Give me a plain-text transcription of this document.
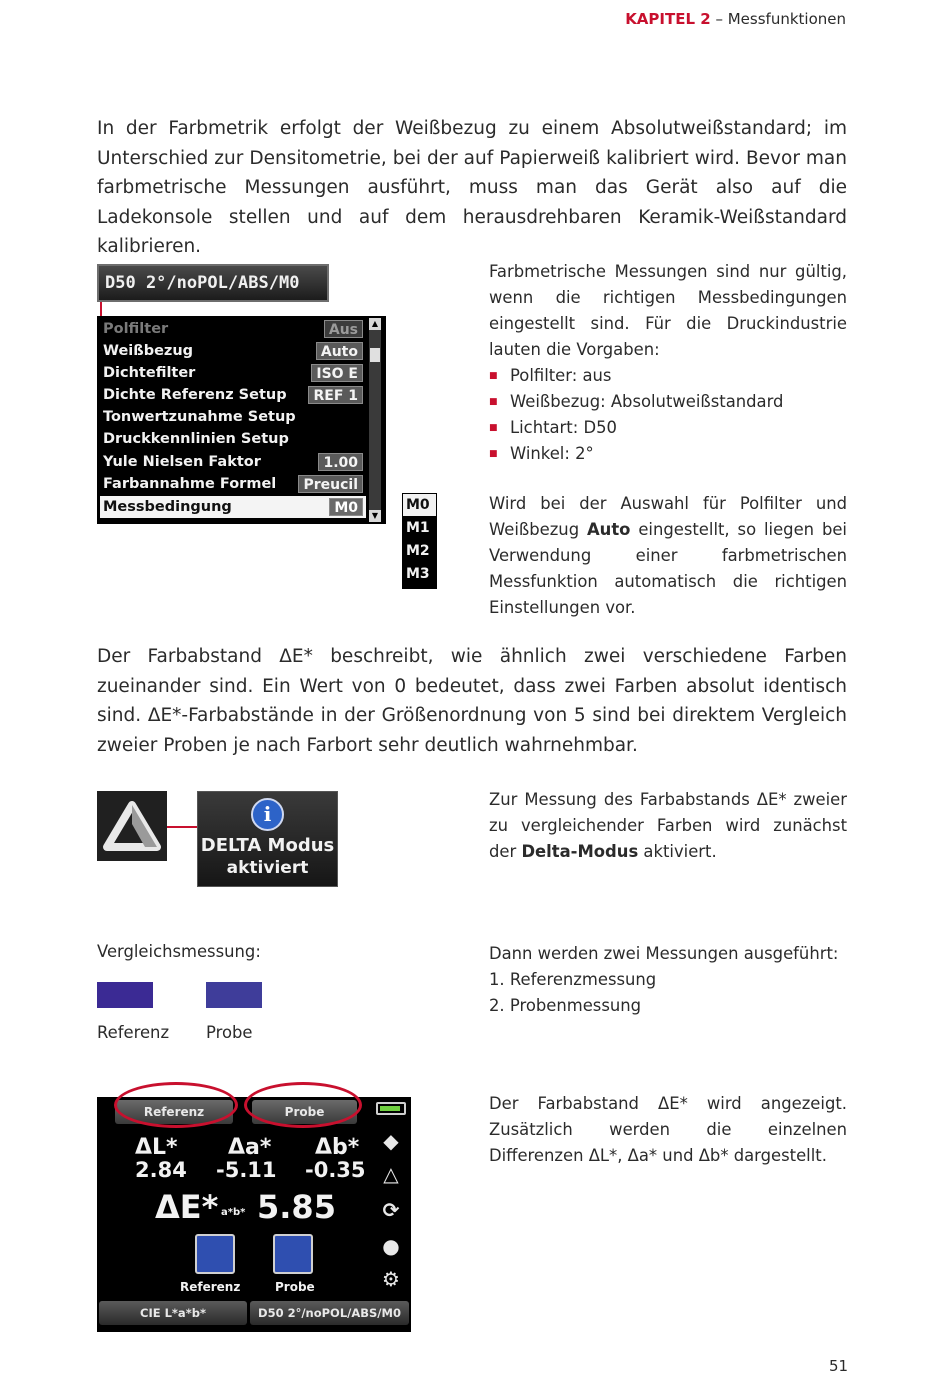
KAPITEL 2 – Messfunktionen

In der Farbmetrik erfolgt der Weißbezug zu einem Absolutweißstandard; im Unterschied zur Densitometrie, bei der auf Papierweiß kalibriert wird. Bevor man farbmetrische Messungen ausführt, muss man das Gerät also auf die Ladekonsole stellen und auf dem herausdrehbaren Keramik-Weißstandard kalibrieren.

D50 2°/noPOL/ABS/M0
Polfilter	Aus
Weißbezug	Auto
Dichtefilter	ISO E
Dichte Referenz Setup	REF 1
Tonwertzunahme Setup
Druckkennlinien Setup
Yule Nielsen Faktor	1.00
Farbannahme Formel	Preucil
Messbedingung	M0
▲
▼
M0
M1
M2
M3
Farbmetrische Messungen sind nur gültig, wenn die richtigen Messbedingungen eingestellt sind. Für die Druckindustrie lauten die Vorgaben:
■ Polfilter: aus
■ Weißbezug: Absolutweißstandard
■ Lichtart: D50
■ Winkel: 2°
Wird bei der Auswahl für Polfilter und Weißbezug Auto eingestellt, so liegen bei Verwendung einer farbmetrischen Messfunktion automatisch die richtigen Einstellungen vor.

Der Farbabstand ΔE* beschreibt, wie ähnlich zwei verschiedene Farben zueinander sind. Ein Wert von 0 bedeutet, dass zwei Farben absolut identisch sind. ΔE*-Farbabstände in der Größenordnung von 5 sind bei direktem Vergleich zweier Proben je nach Farbort sehr deutlich wahrnehmbar.

i
DELTA Modus
aktiviert
Zur Messung des Farbabstands ΔE* zweier zu vergleichender Farben wird zunächst der Delta-Modus aktiviert.
Vergleichsmessung:
Referenz Probe
Dann werden zwei Messungen ausgeführt:
1. Referenzmessung
2. Probenmessung
Referenz	Probe
ΔL* Δa* Δb*
2.84 -5.11 -0.35
ΔE* a*b* 5.85
Referenz	Probe
◆
△
⟳
●
⚙
CIE L*a*b*	D50 2°/noPOL/ABS/M0
Der Farbabstand ΔE* wird angezeigt. Zusätzlich werden die einzelnen Differenzen ΔL*, Δa* und Δb* dargestellt.
51
